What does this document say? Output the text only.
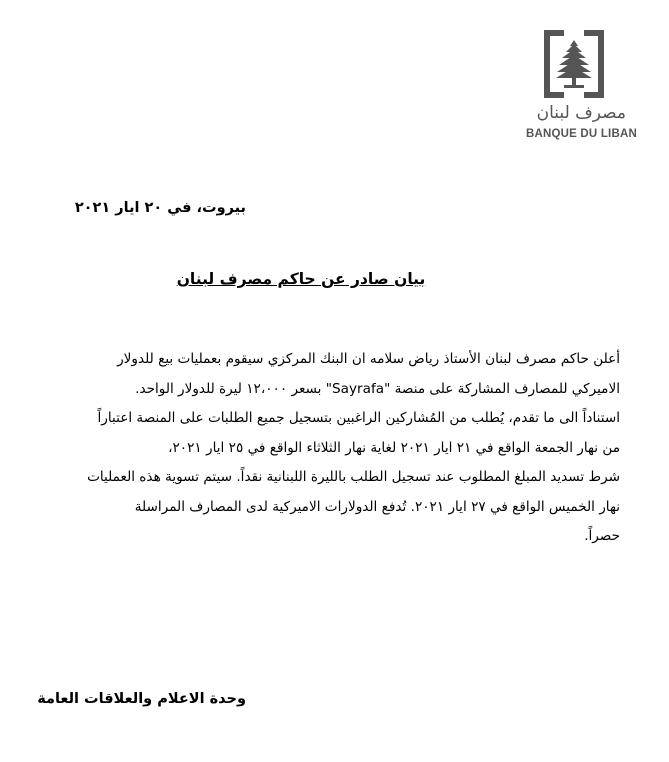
مصرف لبنان
BANQUE DU LIBAN
بيروت، في ٢٠ ايار ٢٠٢١
بيان صادر عن حاكم مصرف لبنان
أعلن حاكم مصرف لبنان الأستاذ رياض سلامه ان البنك المركزي سيقوم بعمليات بيع للدولار
الاميركي للمصارف المشاركة على منصة "Sayrafa" بسعر ١٢،٠٠٠ ليرة للدولار الواحد.
استناداً الى ما تقدم، يُطلب من المُشاركين الراغبين بتسجيل جميع الطلبات على المنصة اعتباراً
من نهار الجمعة الواقع في ٢١ ايار ٢٠٢١ لغاية نهار الثلاثاء الواقع في ٢٥ ايار ٢٠٢١،
شرط تسديد المبلغ المطلوب عند تسجيل الطلب بالليرة اللبنانية نقداً. سيتم تسوية هذه العمليات
نهار الخميس الواقع في ٢٧ ايار ٢٠٢١. تُدفع الدولارات الاميركية لدى المصارف المراسلة
حصراً.
وحدة الاعلام والعلاقات العامة
